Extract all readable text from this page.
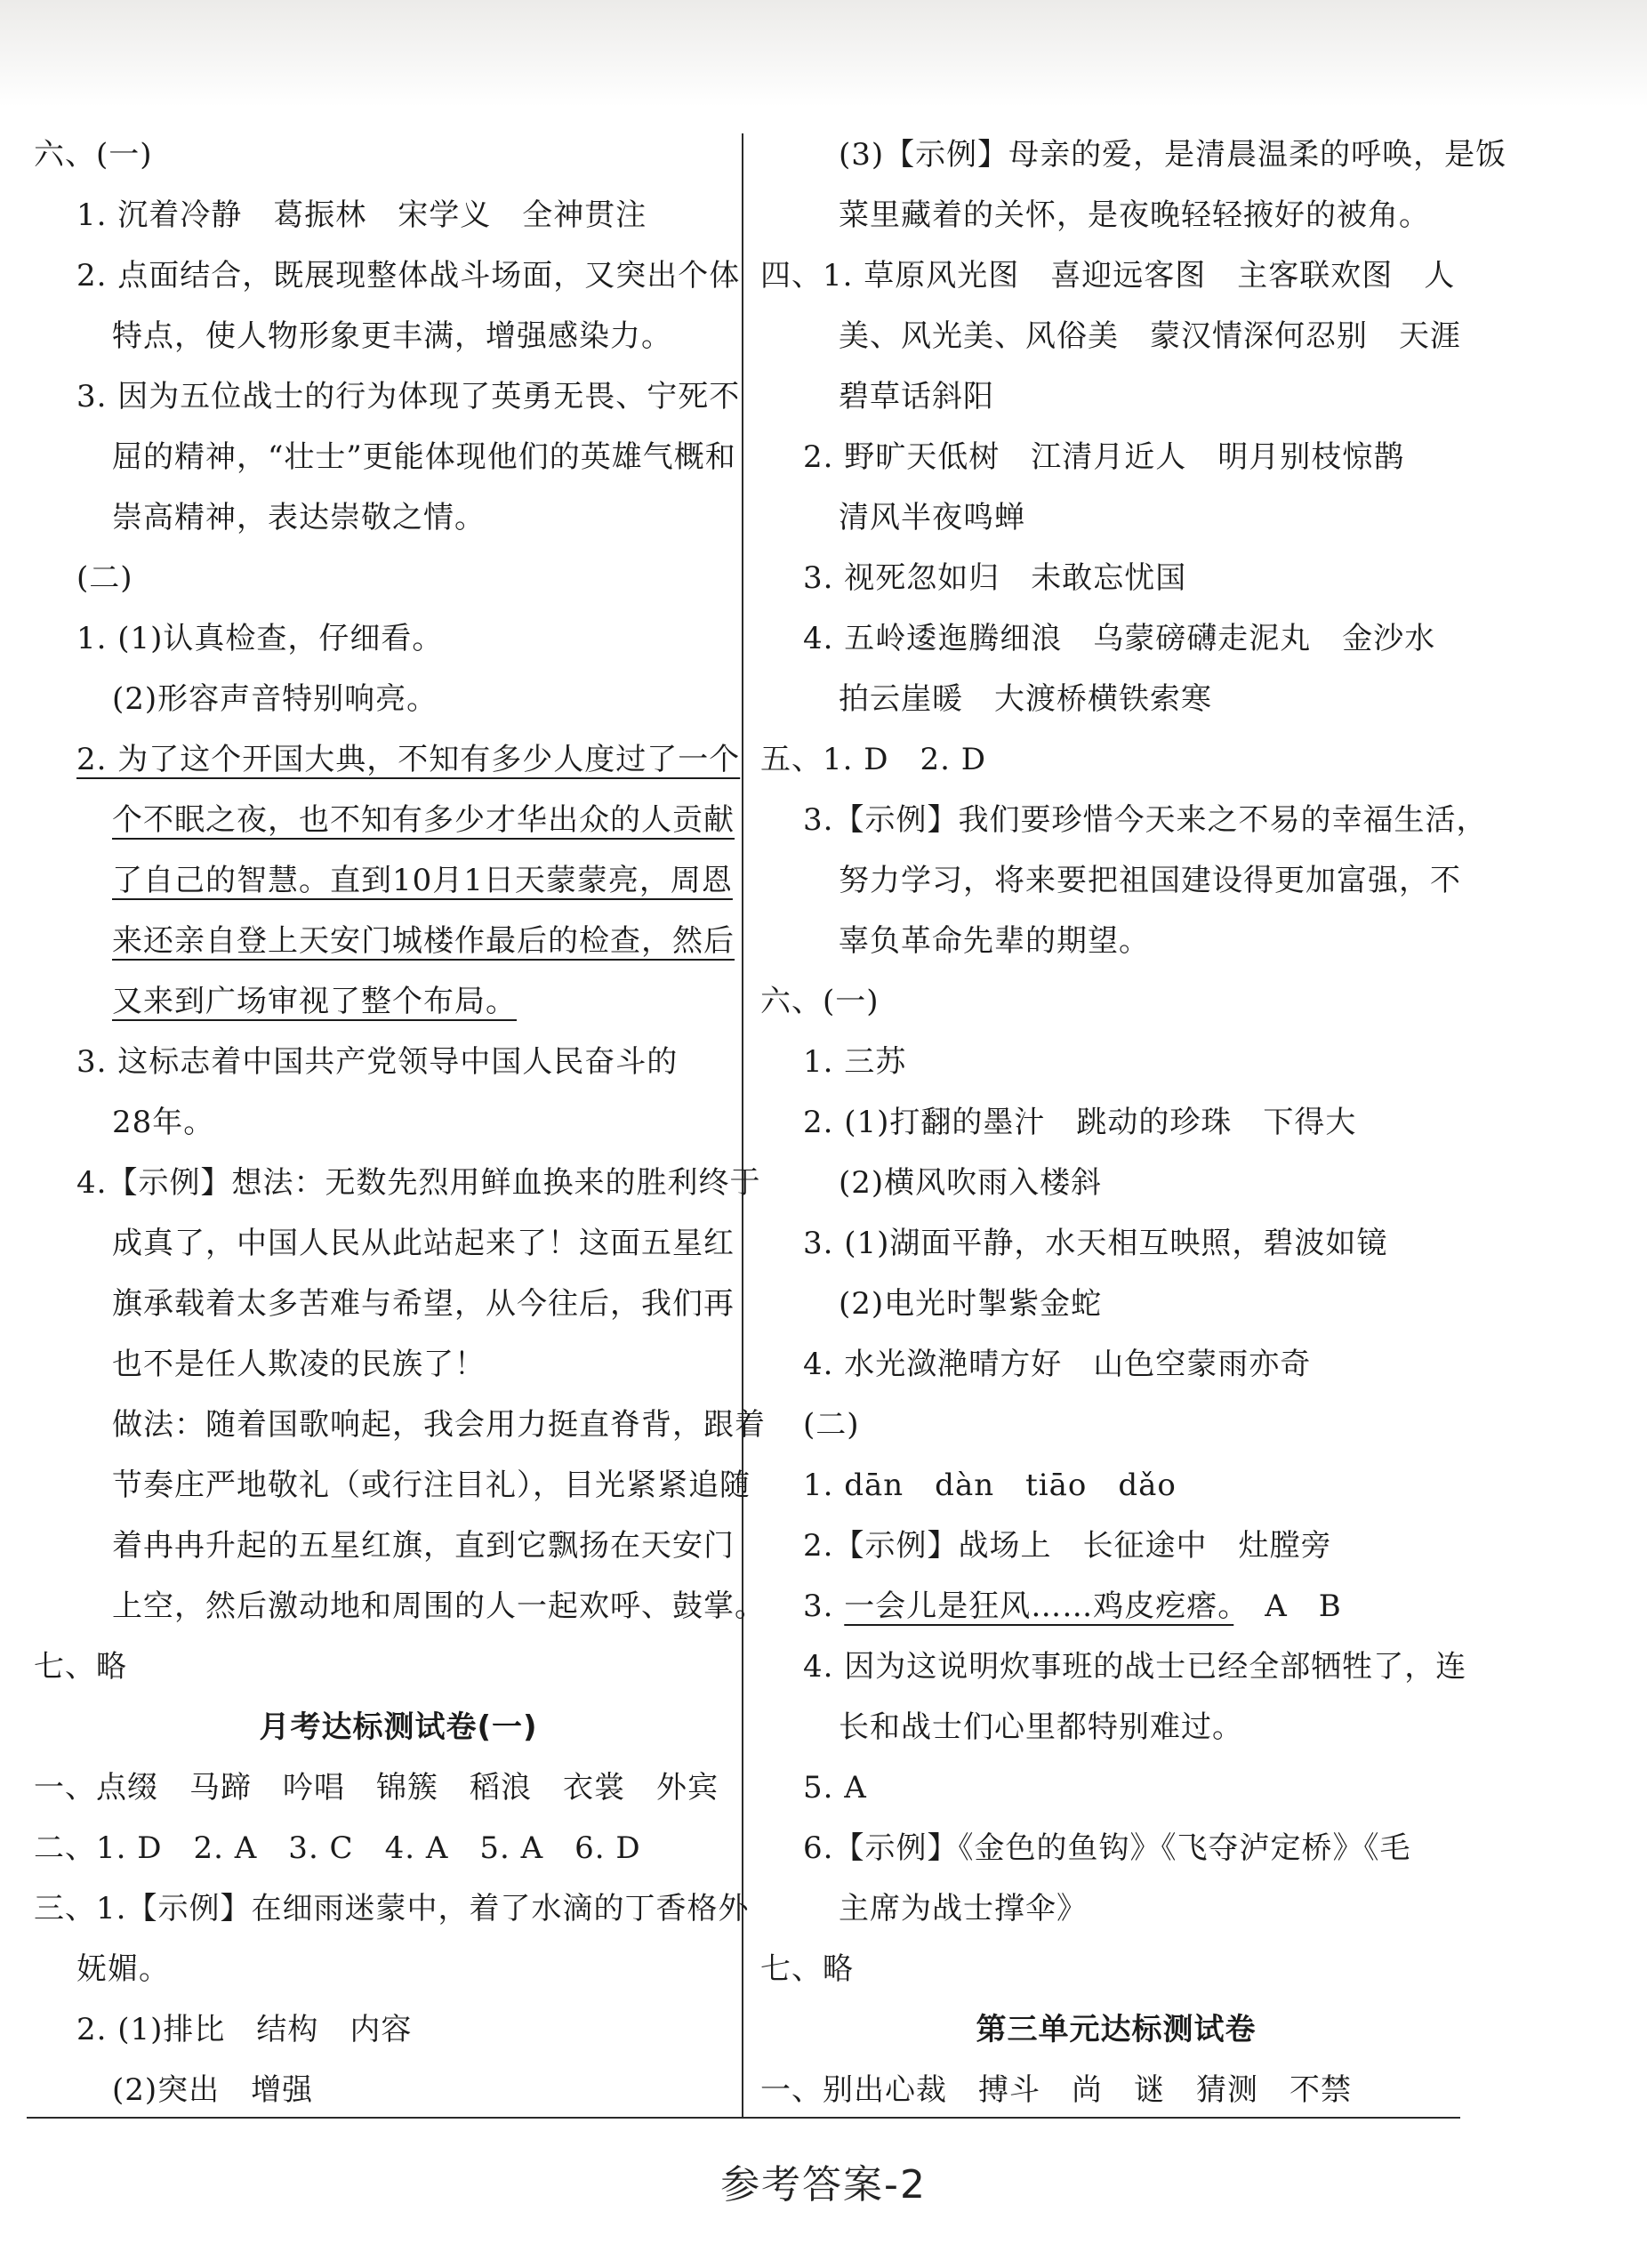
六、(一)
1. 沉着冷静　葛振林　宋学义　全神贯注
2. 点面结合，既展现整体战斗场面，又突出个体
特点，使人物形象更丰满，增强感染力。
3. 因为五位战士的行为体现了英勇无畏、宁死不
屈的精神，“壮士”更能体现他们的英雄气概和
崇高精神，表达崇敬之情。
(二)
1. (1)认真检查，仔细看。
(2)形容声音特别响亮。
2. 为了这个开国大典，不知有多少人度过了一个
个不眠之夜，也不知有多少才华出众的人贡献
了自己的智慧。直到10月1日天蒙蒙亮，周恩
来还亲自登上天安门城楼作最后的检查，然后
又来到广场审视了整个布局。
3. 这标志着中国共产党领导中国人民奋斗的
28年。
4.【示例】想法：无数先烈用鲜血换来的胜利终于
成真了，中国人民从此站起来了！这面五星红
旗承载着太多苦难与希望，从今往后，我们再
也不是任人欺凌的民族了！
做法：随着国歌响起，我会用力挺直脊背，跟着
节奏庄严地敬礼（或行注目礼），目光紧紧追随
着冉冉升起的五星红旗，直到它飘扬在天安门
上空，然后激动地和周围的人一起欢呼、鼓掌。
七、略
月考达标测试卷(一)
一、点缀　马蹄　吟唱　锦簇　稻浪　衣裳　外宾
二、1. D　2. A　3. C　4. A　5. A　6. D
三、1.【示例】在细雨迷蒙中，着了水滴的丁香格外
妩媚。
2. (1)排比　结构　内容
(2)突出　增强
(3)【示例】母亲的爱，是清晨温柔的呼唤，是饭
菜里藏着的关怀，是夜晚轻轻掖好的被角。
四、1. 草原风光图　喜迎远客图　主客联欢图　人
美、风光美、风俗美　蒙汉情深何忍别　天涯
碧草话斜阳
2. 野旷天低树　江清月近人　明月别枝惊鹊
清风半夜鸣蝉
3. 视死忽如归　未敢忘忧国
4. 五岭逶迤腾细浪　乌蒙磅礴走泥丸　金沙水
拍云崖暖　大渡桥横铁索寒
五、1. D　2. D
3.【示例】我们要珍惜今天来之不易的幸福生活，
努力学习，将来要把祖国建设得更加富强，不
辜负革命先辈的期望。
六、(一)
1. 三苏
2. (1)打翻的墨汁　跳动的珍珠　下得大
(2)横风吹雨入楼斜
3. (1)湖面平静，水天相互映照，碧波如镜
(2)电光时掣紫金蛇
4. 水光潋滟晴方好　山色空蒙雨亦奇
(二)
1. dān　dàn　tiāo　dǎo
2.【示例】战场上　长征途中　灶膛旁
3. 一会儿是狂风……鸡皮疙瘩。　A　B
4. 因为这说明炊事班的战士已经全部牺牲了，连
长和战士们心里都特别难过。
5. A
6.【示例】《金色的鱼钩》《飞夺泸定桥》《毛
主席为战士撑伞》
七、略
第三单元达标测试卷
一、别出心裁　搏斗　尚　谜　猜测　不禁
参考答案-2
